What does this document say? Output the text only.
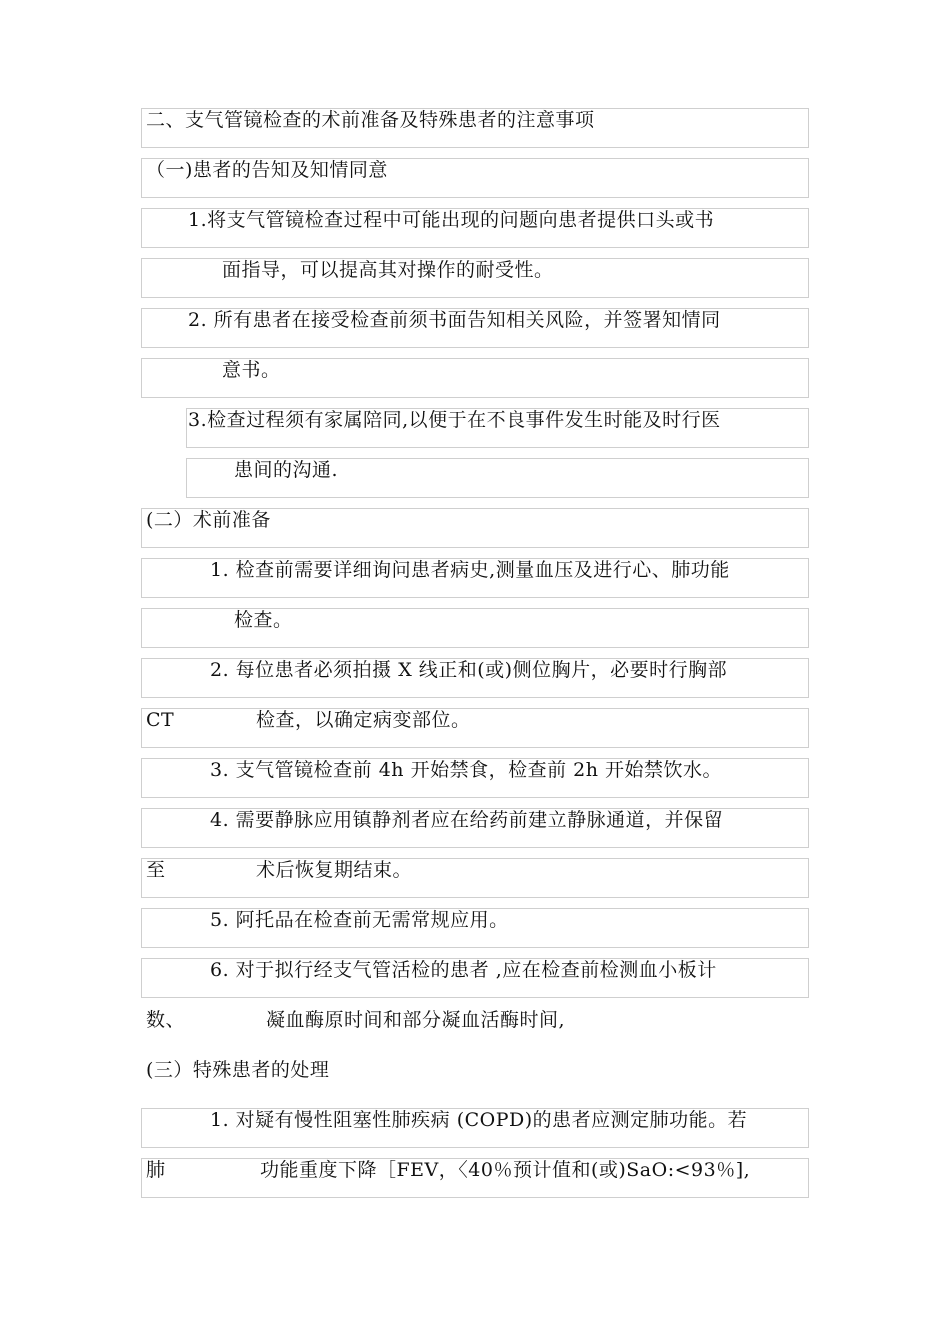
二、支气管镜检查的术前准备及特殊患者的注意事项
（一)患者的告知及知情同意
1.将支气管镜检查过程中可能出现的问题向患者提供口头或书
面指导，可以提高其对操作的耐受性。
2. 所有患者在接受检查前须书面告知相关风险，并签署知情同
意书。
3.检查过程须有家属陪同,以便于在不良事件发生时能及时行医
患间的沟通.
(二）术前准备
1. 检查前需要详细询问患者病史,测量血压及进行心、肺功能
检查。
2. 每位患者必须拍摄 X 线正和(或)侧位胸片，必要时行胸部
CT	检查，以确定病变部位。
3. 支气管镜检查前 4h 开始禁食，检查前 2h 开始禁饮水。
4. 需要静脉应用镇静剂者应在给药前建立静脉通道，并保留
至	术后恢复期结束。
5. 阿托品在检查前无需常规应用。
6. 对于拟行经支气管活检的患者 ,应在检查前检测血小板计
数、	凝血酶原时间和部分凝血活酶时间,
(三）特殊患者的处理
1. 对疑有慢性阻塞性肺疾病 (COPD)的患者应测定肺功能。若
肺	功能重度下降［FEV，〈40％预计值和(或)SaO:<93％],
